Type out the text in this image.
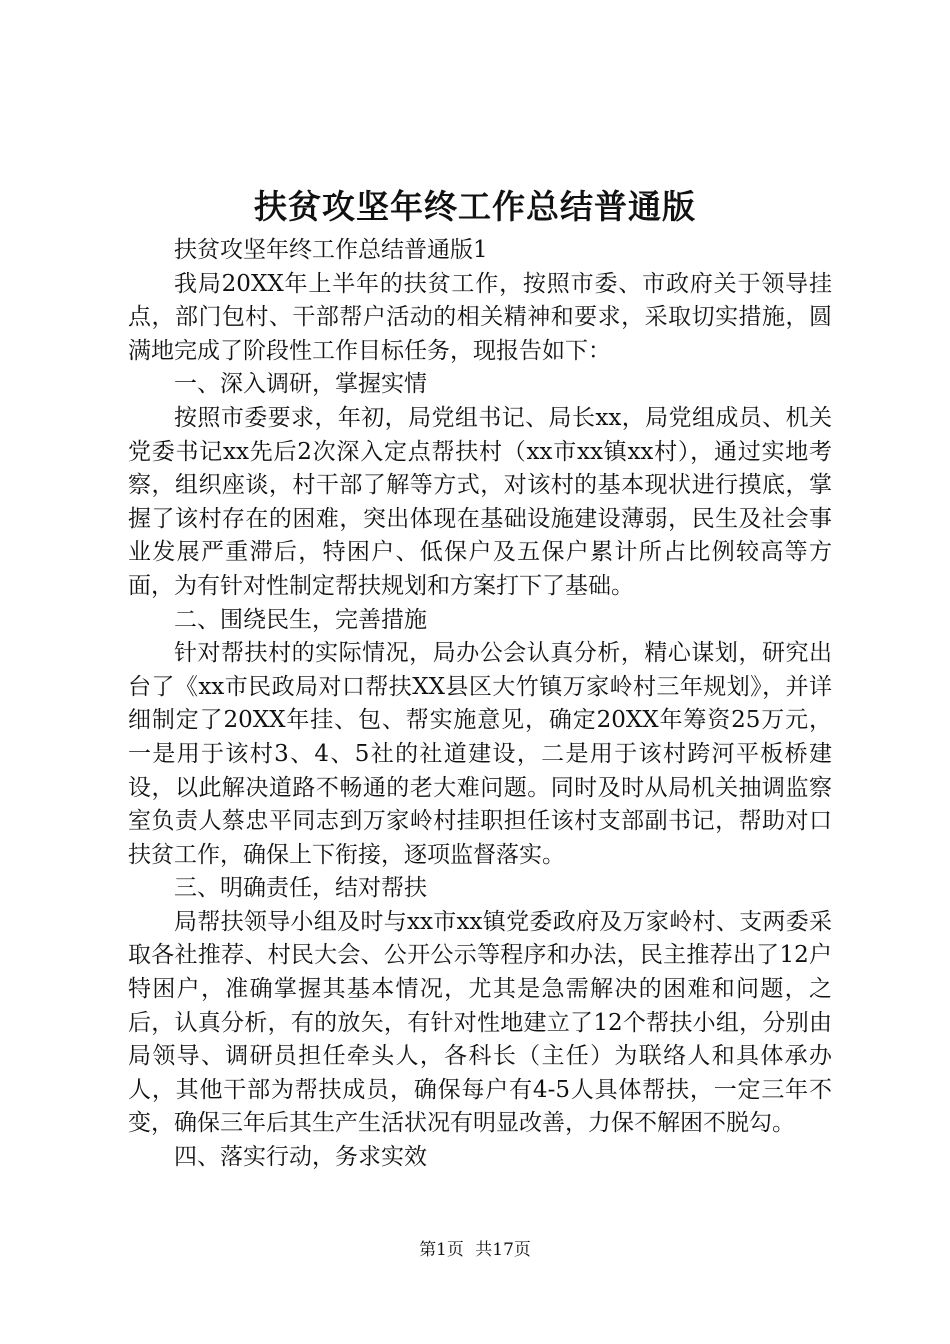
扶贫攻坚年终工作总结普通版

扶贫攻坚年终工作总结普通版1

我局20XX年上半年的扶贫工作，按照市委、市政府关于领导挂点，部门包村、干部帮户活动的相关精神和要求，采取切实措施，圆满地完成了阶段性工作目标任务，现报告如下：

一、深入调研，掌握实情

按照市委要求，年初，局党组书记、局长xx，局党组成员、机关党委书记xx先后2次深入定点帮扶村（xx市xx镇xx村），通过实地考察，组织座谈，村干部了解等方式，对该村的基本现状进行摸底，掌握了该村存在的困难，突出体现在基础设施建设薄弱，民生及社会事业发展严重滞后，特困户、低保户及五保户累计所占比例较高等方面，为有针对性制定帮扶规划和方案打下了基础。

二、围绕民生，完善措施

针对帮扶村的实际情况，局办公会认真分析，精心谋划，研究出台了《xx市民政局对口帮扶XX县区大竹镇万家岭村三年规划》，并详细制定了20XX年挂、包、帮实施意见，确定20XX年筹资25万元，一是用于该村3、4、5社的社道建设，二是用于该村跨河平板桥建设，以此解决道路不畅通的老大难问题。同时及时从局机关抽调监察室负责人蔡忠平同志到万家岭村挂职担任该村支部副书记，帮助对口扶贫工作，确保上下衔接，逐项监督落实。

三、明确责任，结对帮扶

局帮扶领导小组及时与xx市xx镇党委政府及万家岭村、支两委采取各社推荐、村民大会、公开公示等程序和办法，民主推荐出了12户特困户，准确掌握其基本情况，尤其是急需解决的困难和问题，之后，认真分析，有的放矢，有针对性地建立了12个帮扶小组，分别由局领导、调研员担任牵头人，各科长（主任）为联络人和具体承办人，其他干部为帮扶成员，确保每户有4-5人具体帮扶，一定三年不变，确保三年后其生产生活状况有明显改善，力保不解困不脱勾。

四、落实行动，务求实效

第1页 共17页
